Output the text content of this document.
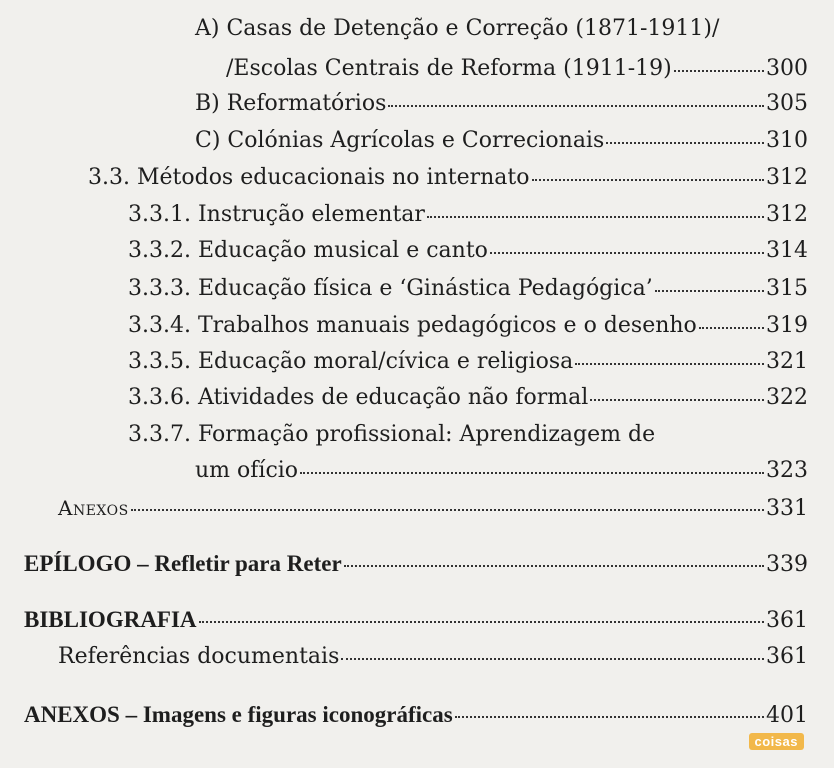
A) Casas de Detenção e Correção (1871-1911)/
/Escolas Centrais de Reforma (1911-19)	300
B) Reformatórios	305
C) Colónias Agrícolas e Correcionais	310
3.3. Métodos educacionais no internato	312
3.3.1. Instrução elementar	312
3.3.2. Educação musical e canto	314
3.3.3. Educação física e ‘Ginástica Pedagógica’	315
3.3.4. Trabalhos manuais pedagógicos e o desenho	319
3.3.5. Educação moral/cívica e religiosa	321
3.3.6. Atividades de educação não formal	322
3.3.7. Formação profissional: Aprendizagem de
um ofício	323
Anexos	331
EPÍLOGO – Refletir para Reter	339
BIBLIOGRAFIA	361
Referências documentais	361
ANEXOS – Imagens e figuras iconográficas	401
coisas
